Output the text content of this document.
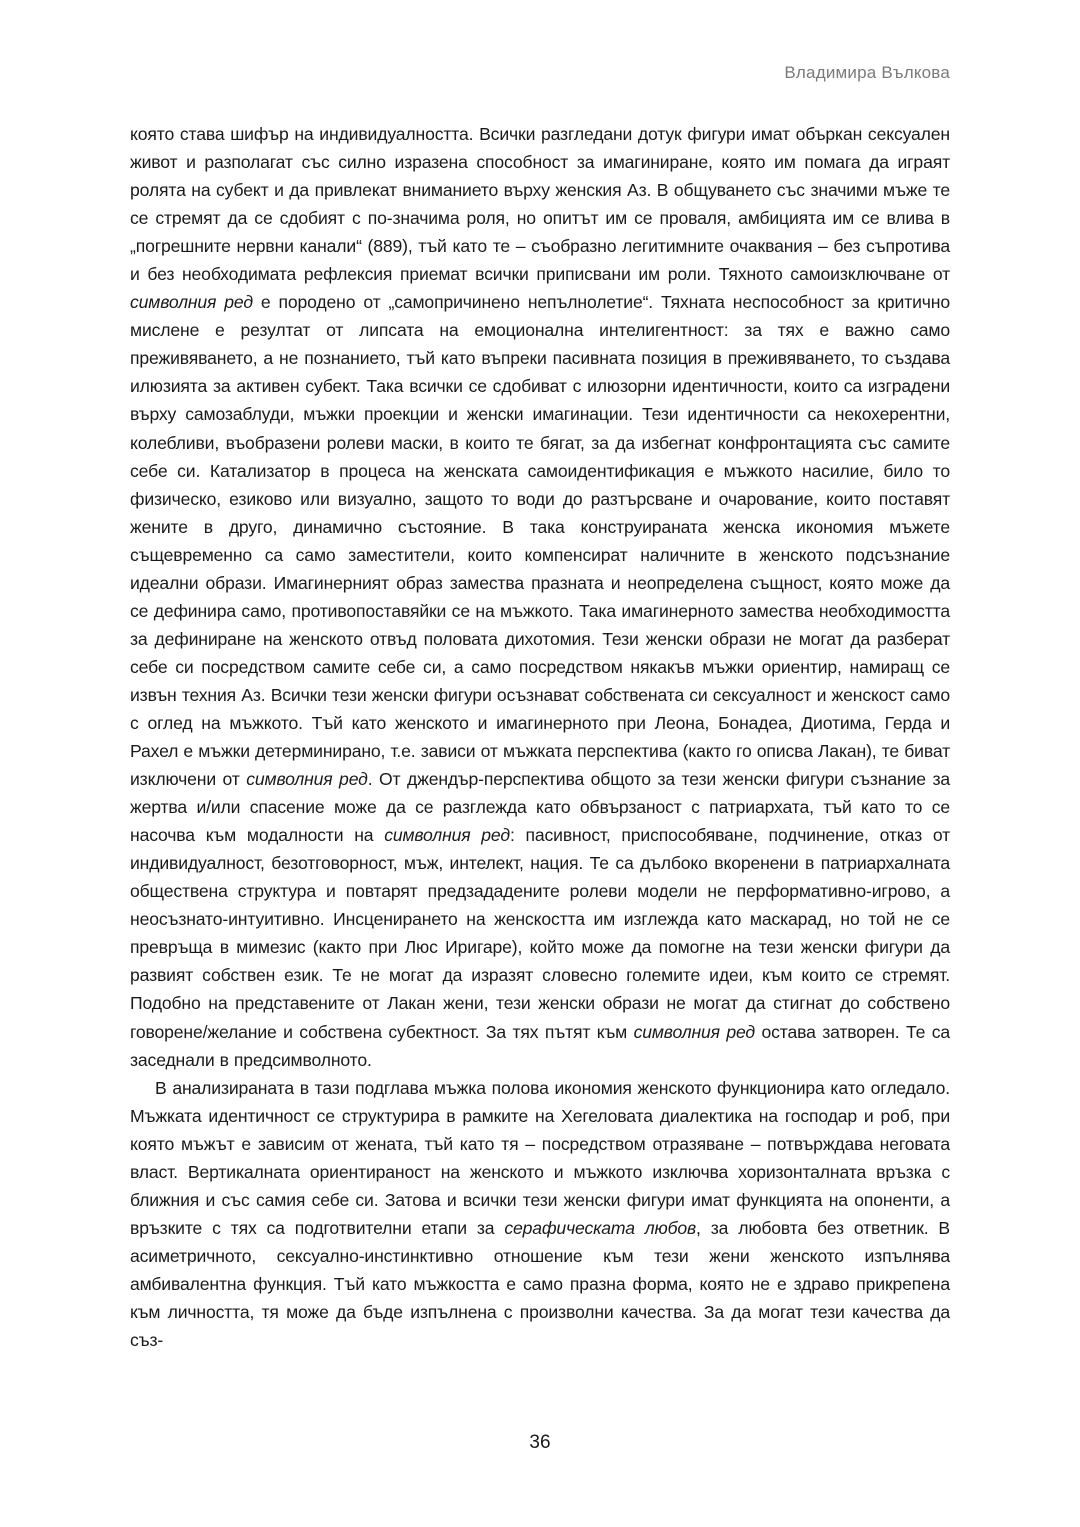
Владимира Вълкова

която става шифър на индивидуалността. Всички разгледани дотук фигури имат объркан сексуален живот и разполагат със силно изразена способност за имагиниране, която им помага да играят ролята на субект и да привлекат вниманието върху женския Аз. В общуването със значими мъже те се стремят да се сдобият с по-значима роля, но опитът им се проваля, амбицията им се влива в „погрешните нервни канали“ (889), тъй като те – съобразно легитимните очаквания – без съпротива и без необходимата рефлексия приемат всички приписвани им роли. Тяхното самоизключване от символния ред е породено от „самопричинено непълнолетие“. Тяхната неспособност за критично мислене е резултат от липсата на емоционална интелигентност: за тях е важно само преживяването, а не познанието, тъй като въпреки пасивната позиция в преживяването, то създава илюзията за активен субект. Така всички се сдобиват с илюзорни идентичности, които са изградени върху самозаблуди, мъжки проекции и женски имагинации. Тези идентичности са некохерентни, колебливи, въобразени ролеви маски, в които те бягат, за да избегнат конфронтацията със самите себе си. Катализатор в процеса на женската самоидентификация е мъжкото насилие, било то физическо, езиково или визуално, защото то води до разтърсване и очарование, които поставят жените в друго, динамично състояние. В така конструираната женска икономия мъжете същевременно са само заместители, които компенсират наличните в женското подсъзнание идеални образи. Имагинерният образ замества празната и неопределена същност, която може да се дефинира само, противопоставяйки се на мъжкото. Така имагинерното замества необходимостта за дефиниране на женското отвъд половата дихотомия. Тези женски образи не могат да разберат себе си посредством самите себе си, а само посредством някакъв мъжки ориентир, намиращ се извън техния Аз. Всички тези женски фигури осъзнават собствената си сексуалност и женскост само с оглед на мъжкото. Тъй като женското и имагинерното при Леона, Бонадеа, Диотима, Герда и Рахел е мъжки детерминирано, т.е. зависи от мъжката перспектива (както го описва Лакан), те биват изключени от символния ред. От джендър-перспектива общото за тези женски фигури съзнание за жертва и/или спасение може да се разглежда като обвързаност с патриархата, тъй като то се насочва към модалности на символния ред: пасивност, приспособяване, подчинение, отказ от индивидуалност, безотговорност, мъж, интелект, нация. Те са дълбоко вкоренени в патриархалната обществена структура и повтарят предзададените ролеви модели не перформативно-игрово, а неосъзнато-интуитивно. Инсценирането на женскостта им изглежда като маскарад, но той не се превръща в мимезис (както при Люс Иригаре), който може да помогне на тези женски фигури да развият собствен език. Те не могат да изразят словесно големите идеи, към които се стремят. Подобно на представените от Лакан жени, тези женски образи не могат да стигнат до собствено говорене/желание и собствена субектност. За тях пътят към символния ред остава затворен. Те са заседнали в предсимволното.

В анализираната в тази подглава мъжка полова икономия женското функционира като огледало. Мъжката идентичност се структурира в рамките на Хегеловата диалектика на господар и роб, при която мъжът е зависим от жената, тъй като тя – посредством отразяване – потвърждава неговата власт. Вертикалната ориентираност на женското и мъжкото изключва хоризонталната връзка с ближния и със самия себе си. Затова и всички тези женски фигури имат функцията на опоненти, а връзките с тях са подготвителни етапи за серафическата любов, за любовта без ответник. В асиметричното, сексуално-инстинктивно отношение към тези жени женското изпълнява амбивалентна функция. Тъй като мъжкостта е само празна форма, която не е здраво прикрепена към личността, тя може да бъде изпълнена с произволни качества. За да могат тези качества да съз-

36
